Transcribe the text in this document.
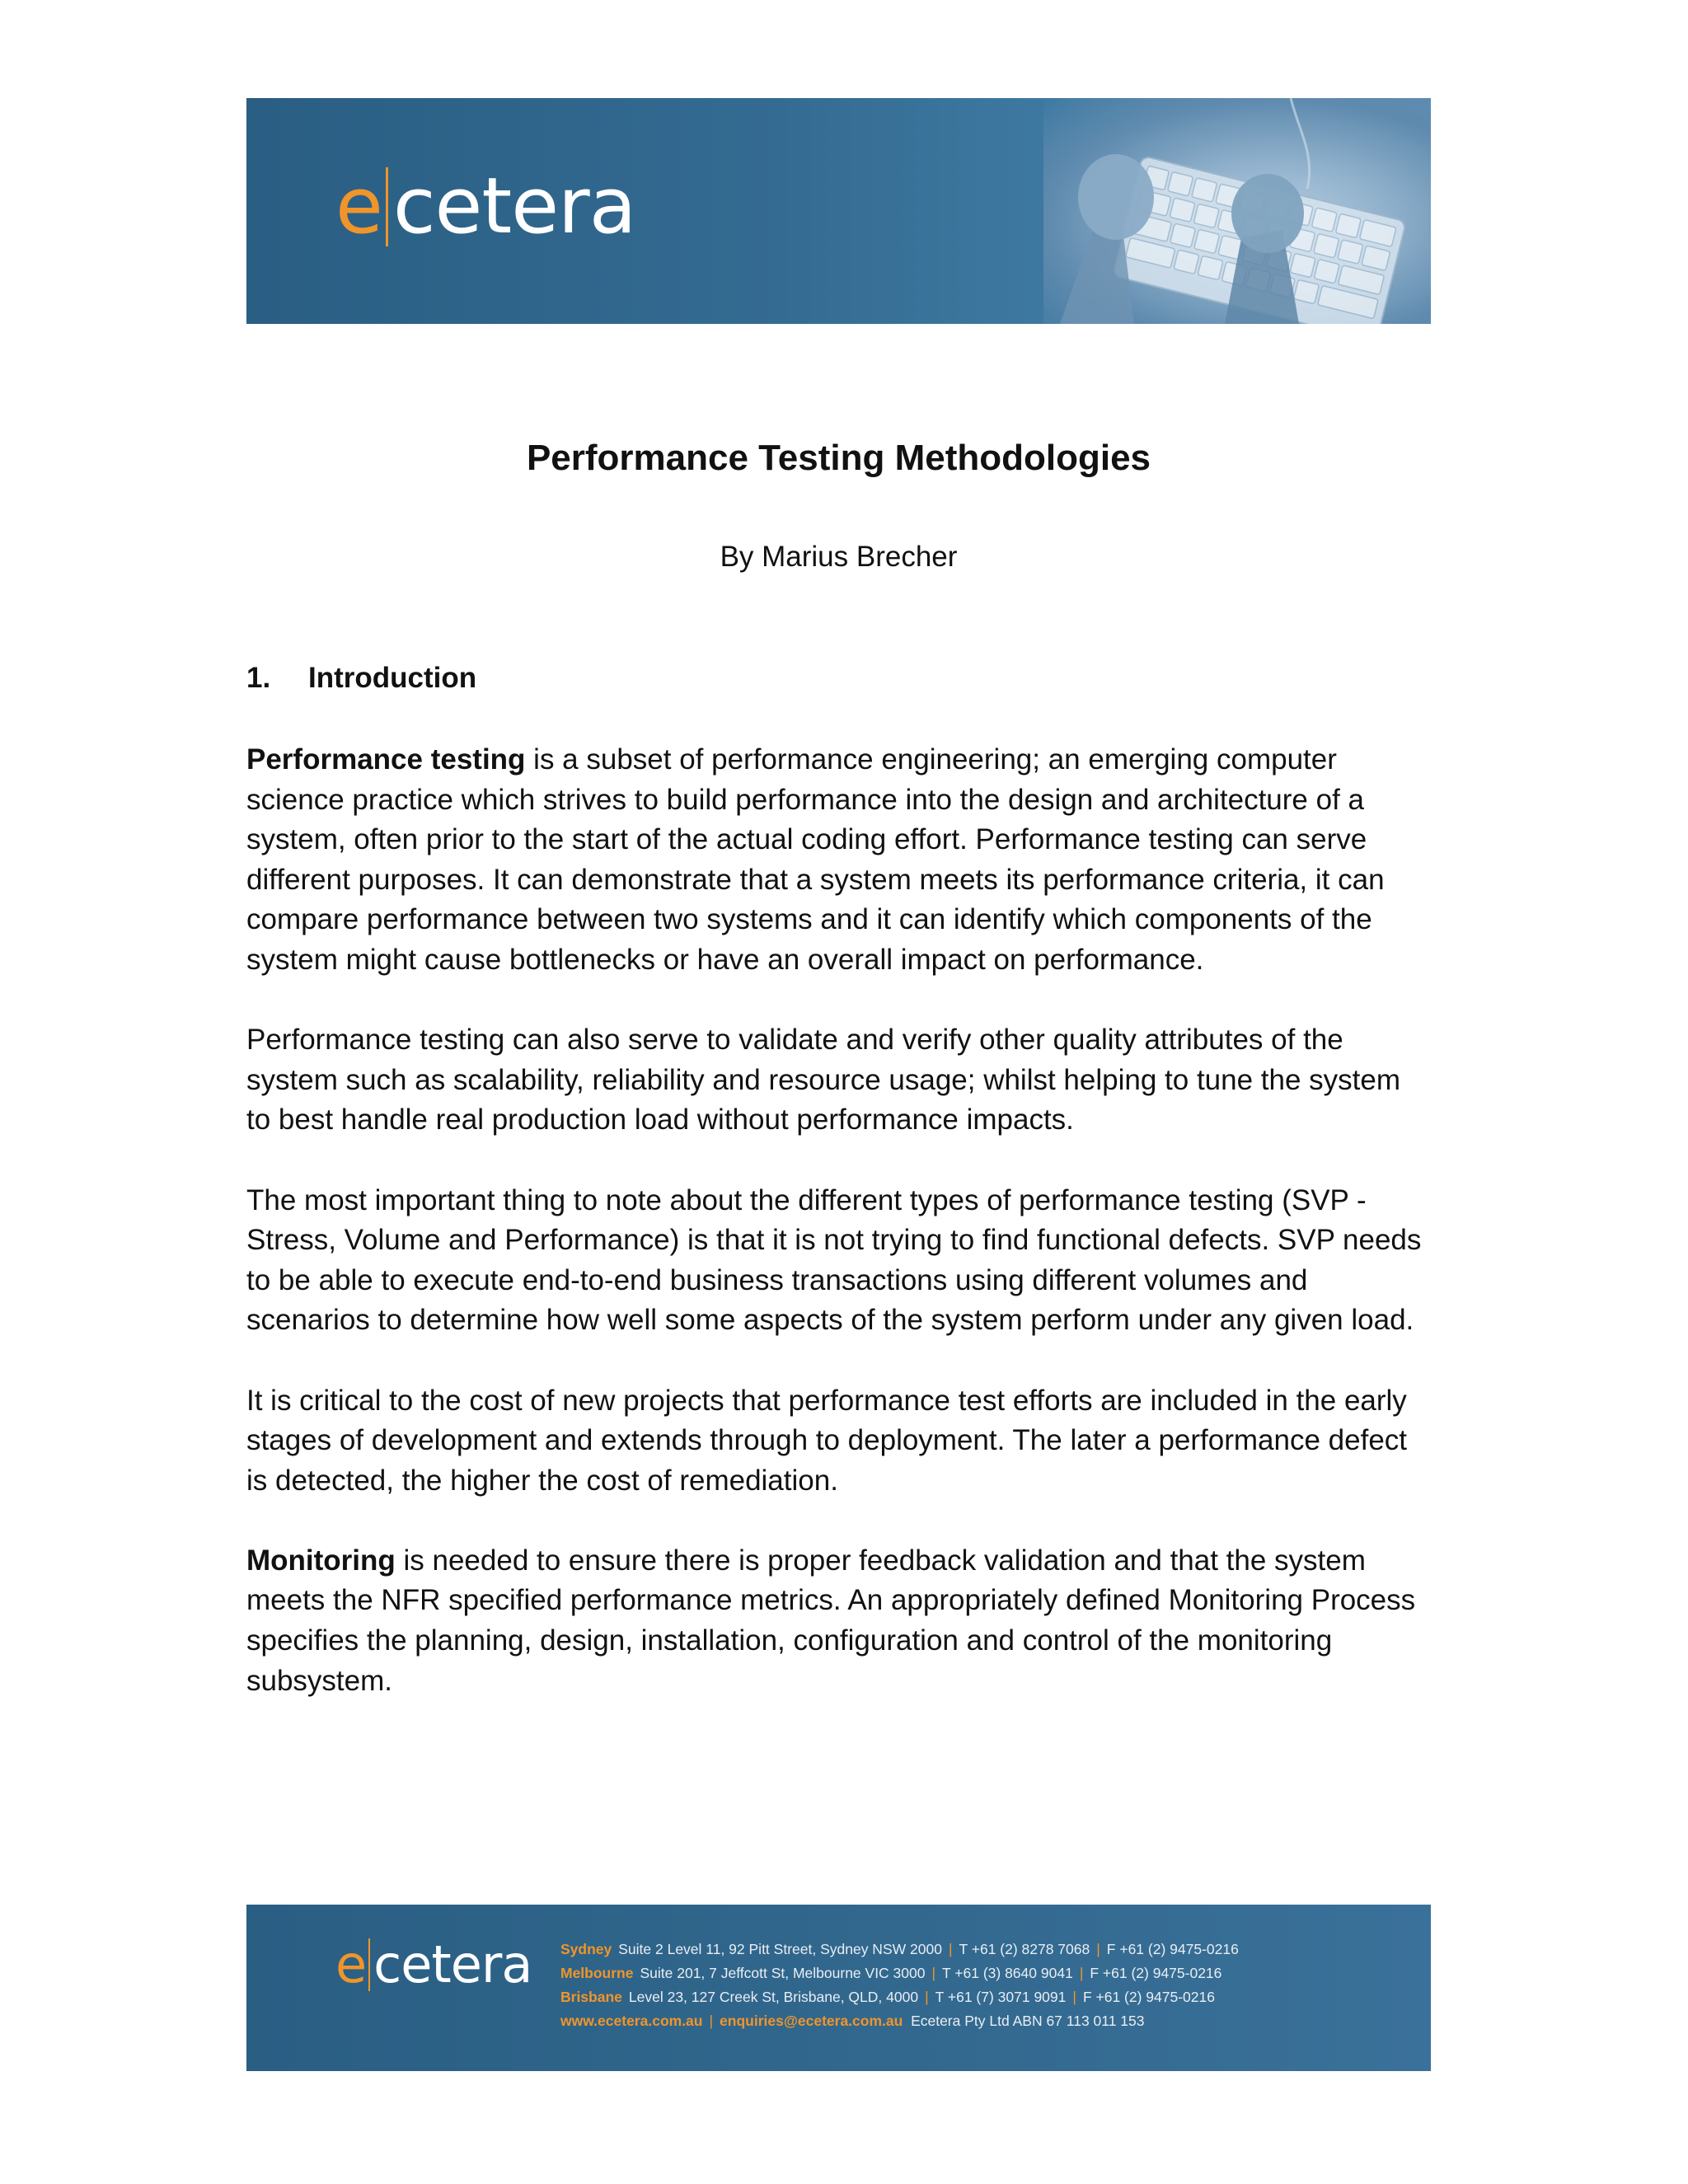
e cetera
Performance Testing Methodologies
By Marius Brecher
1.	Introduction

Performance testing is a subset of performance engineering; an emerging computer science practice which strives to build performance into the design and architecture of a system, often prior to the start of the actual coding effort. Performance testing can serve different purposes. It can demonstrate that a system meets its performance criteria, it can compare performance between two systems and it can identify which components of the system might cause bottlenecks or have an overall impact on performance.

Performance testing can also serve to validate and verify other quality attributes of the system such as scalability, reliability and resource usage; whilst helping to tune the system to best handle real production load without performance impacts.

The most important thing to note about the different types of performance testing (SVP - Stress, Volume and Performance) is that it is not trying to find functional defects. SVP needs to be able to execute end-to-end business transactions using different volumes and scenarios to determine how well some aspects of the system perform under any given load.

It is critical to the cost of new projects that performance test efforts are included in the early stages of development and extends through to deployment. The later a performance defect is detected, the higher the cost of remediation.

Monitoring is needed to ensure there is proper feedback validation and that the system meets the NFR specified performance metrics. An appropriately defined Monitoring Process specifies the planning, design, installation, configuration and control of the monitoring subsystem.

e cetera Sydney Suite 2 Level 11, 92 Pitt Street, Sydney NSW 2000 | T +61 (2) 8278 7068 | F +61 (2) 9475-0216
Melbourne Suite 201, 7 Jeffcott St, Melbourne VIC 3000 | T +61 (3) 8640 9041 | F +61 (2) 9475-0216
Brisbane Level 23, 127 Creek St, Brisbane, QLD, 4000 | T +61 (7) 3071 9091 | F +61 (2) 9475-0216
www.ecetera.com.au | enquiries@ecetera.com.au Ecetera Pty Ltd ABN 67 113 011 153
